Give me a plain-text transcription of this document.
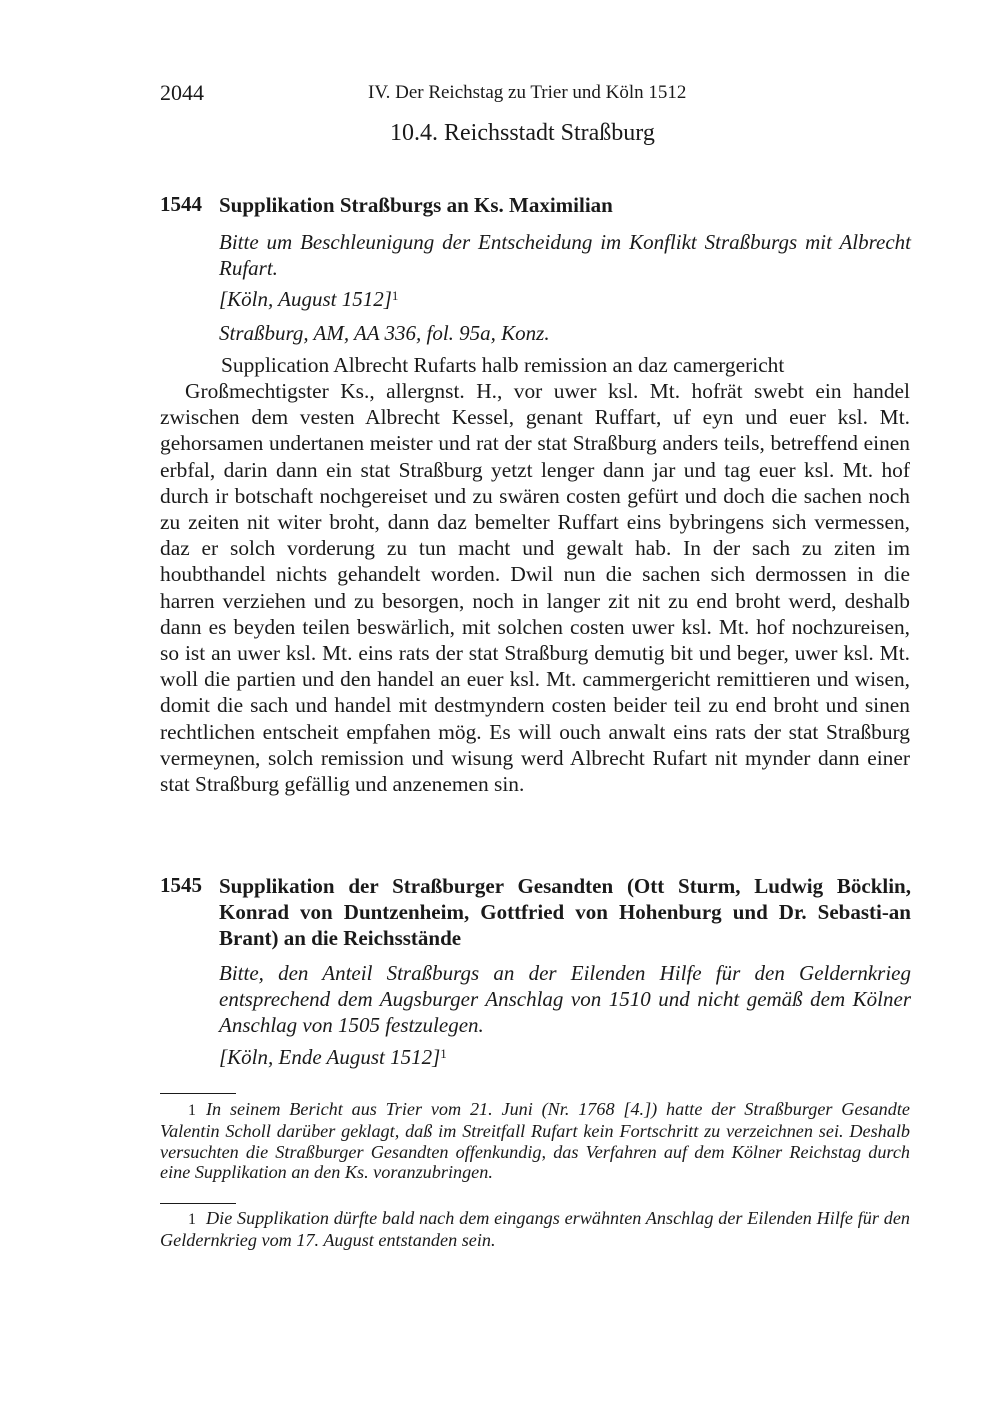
2044	IV. Der Reichstag zu Trier und Köln 1512
10.4. Reichsstadt Straßburg
1544 Supplikation Straßburgs an Ks. Maximilian
Bitte um Beschleunigung der Entscheidung im Konflikt Straßburgs mit Albrecht Rufart.
[Köln, August 1512]$^1$
Straßburg, AM, AA 336, fol. 95a, Konz.
Supplication Albrecht Rufarts halb remission an daz camergericht

Großmechtigster Ks., allergnst. H., vor uwer ksl. Mt. hofrät swebt ein handel zwischen dem vesten Albrecht Kessel, genant Ruffart, uf eyn und euer ksl. Mt. gehorsamen undertanen meister und rat der stat Straßburg anders teils, betreffend einen erbfal, darin dann ein stat Straßburg yetzt lenger dann jar und tag euer ksl. Mt. hof durch ir botschaft nochgereiset und zu swären costen gefürt und doch die sachen noch zu zeiten nit witer broht, dann daz bemelter Ruffart eins bybringens sich vermessen, daz er solch vorderung zu tun macht und gewalt hab. In der sach zu ziten im houbthandel nichts gehandelt worden. Dwil nun die sachen sich dermossen in die harren verziehen und zu besorgen, noch in langer zit nit zu end broht werd, deshalb dann es beyden teilen beswärlich, mit solchen costen uwer ksl. Mt. hof nochzureisen, so ist an uwer ksl. Mt. eins rats der stat Straßburg demutig bit und beger, uwer ksl. Mt. woll die partien und den handel an euer ksl. Mt. cammergericht remittieren und wisen, domit die sach und handel mit destmyndern costen beider teil zu end broht und sinen rechtlichen entscheit empfahen mög. Es will ouch anwalt eins rats der stat Straßburg vermeynen, solch remission und wisung werd Albrecht Rufart nit mynder dann einer stat Straßburg gefällig und anzenemen sin.

1545 Supplikation der Straßburger Gesandten (Ott Sturm, Ludwig Böcklin, Konrad von Duntzenheim, Gottfried von Hohenburg und Dr. Sebasti-an Brant) an die Reichsstände
Bitte, den Anteil Straßburgs an der Eilenden Hilfe für den Geldernkrieg entsprechend dem Augsburger Anschlag von 1510 und nicht gemäß dem Kölner Anschlag von 1505 festzulegen.
[Köln, Ende August 1512]$^1$
1 In seinem Bericht aus Trier vom 21. Juni (Nr. 1768 [4.]) hatte der Straßburger Gesandte Valentin Scholl darüber geklagt, daß im Streitfall Rufart kein Fortschritt zu verzeichnen sei. Deshalb versuchten die Straßburger Gesandten offenkundig, das Verfahren auf dem Kölner Reichstag durch eine Supplikation an den Ks. voranzubringen.
1 Die Supplikation dürfte bald nach dem eingangs erwähnten Anschlag der Eilenden Hilfe für den Geldernkrieg vom 17. August entstanden sein.
